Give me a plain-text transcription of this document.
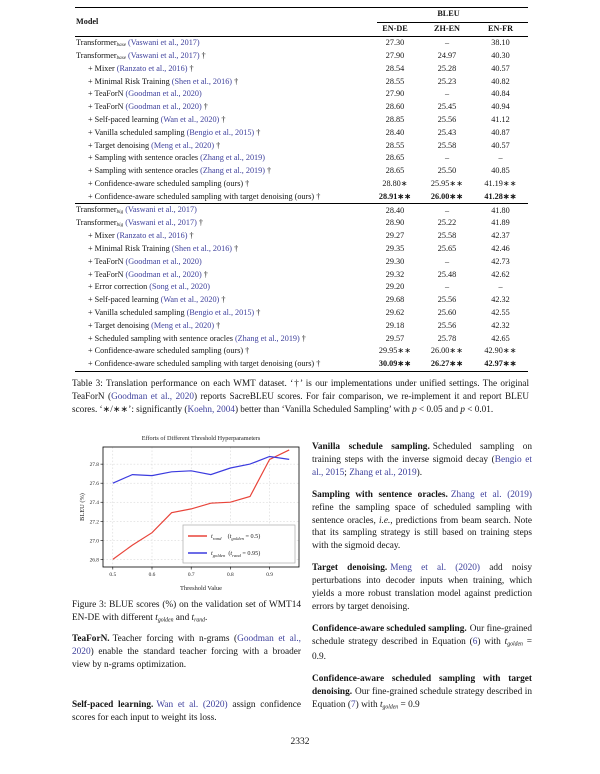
Model
BLEU
EN-DE	ZH-EN	EN-FR
Transformerbase (Vaswani et al., 2017)	27.30	–	38.10
Transformerbase (Vaswani et al., 2017) †	27.90	24.97	40.30
+ Mixer (Ranzato et al., 2016) †	28.54	25.28	40.57
+ Minimal Risk Training (Shen et al., 2016) †	28.55	25.23	40.82
+ TeaForN (Goodman et al., 2020)	27.90	–	40.84
+ TeaForN (Goodman et al., 2020) †	28.60	25.45	40.94
+ Self-paced learning (Wan et al., 2020) †	28.85	25.56	41.12
+ Vanilla scheduled sampling (Bengio et al., 2015) †	28.40	25.43	40.87
+ Target denoising (Meng et al., 2020) †	28.55	25.58	40.57
+ Sampling with sentence oracles (Zhang et al., 2019)	28.65	–	–
+ Sampling with sentence oracles (Zhang et al., 2019) †	28.65	25.50	40.85
+ Confidence-aware scheduled sampling (ours) †	28.80∗	25.95∗∗	41.19∗∗
+ Confidence-aware scheduled sampling with target denoising (ours) †	28.91∗∗	26.00∗∗	41.28∗∗
Transformerbig (Vaswani et al., 2017)	28.40	–	41.80
Transformerbig (Vaswani et al., 2017) †	28.90	25.22	41.89
+ Mixer (Ranzato et al., 2016) †	29.27	25.58	42.37
+ Minimal Risk Training (Shen et al., 2016) †	29.35	25.65	42.46
+ TeaForN (Goodman et al., 2020)	29.30	–	42.73
+ TeaForN (Goodman et al., 2020) †	29.32	25.48	42.62
+ Error correction (Song et al., 2020)	29.20	–	–
+ Self-paced learning (Wan et al., 2020) †	29.68	25.56	42.32
+ Vanilla scheduled sampling (Bengio et al., 2015) †	29.62	25.60	42.55
+ Target denoising (Meng et al., 2020) †	29.18	25.56	42.32
+ Scheduled sampling with sentence oracles (Zhang et al., 2019) †	29.57	25.78	42.65
+ Confidence-aware scheduled sampling (ours) †	29.95∗∗	26.00∗∗	42.90∗∗
+ Confidence-aware scheduled sampling with target denoising (ours) †	30.09∗∗	26.27∗∗	42.97∗∗
Table 3: Translation performance on each WMT dataset. ‘†’ is our implementations under unified settings. The original TeaForN (Goodman et al., 2020) reports SacreBLEU scores. For fair comparison, we re-implement it and report BLEU scores. ‘∗/∗∗’: significantly (Koehn, 2004) better than ‘Vanilla Scheduled Sampling’ with p < 0.05 and p < 0.01.
0.5	0.6	0.7	0.8	0.9
26.8
27.0
27.2
27.4
27.6
27.8
Efforts of Different Threshold Hyperparameters
Threshold Value
BLEU (%)
$t_{rand}$    $(t_{golden} = 0.5)$
$t_{golden}$  $(t_{rand} = 0.95)$
Figure 3: BLUE scores (%) on the validation set of WMT14 EN-DE with different tgolden and trand.
TeaForN. Teacher forcing with n-grams (Goodman et al., 2020) enable the standard teacher forcing with a broader view by n-grams optimization.
Self-paced learning. Wan et al. (2020) assign confidence scores for each input to weight its loss.
Vanilla schedule sampling. Scheduled sampling on training steps with the inverse sigmoid decay (Bengio et al., 2015; Zhang et al., 2019).
Sampling with sentence oracles. Zhang et al. (2019) refine the sampling space of scheduled sampling with sentence oracles, i.e., predictions from beam search. Note that its sampling strategy is still based on training steps with the sigmoid decay.
Target denoising. Meng et al. (2020) add noisy perturbations into decoder inputs when training, which yields a more robust translation model against prediction errors by target denoising.
Confidence-aware scheduled sampling. Our fine-grained schedule strategy described in Equation (6) with tgolden = 0.9.
Confidence-aware scheduled sampling with target denoising. Our fine-grained schedule strategy described in Equation (7) with tgolden = 0.9
2332
